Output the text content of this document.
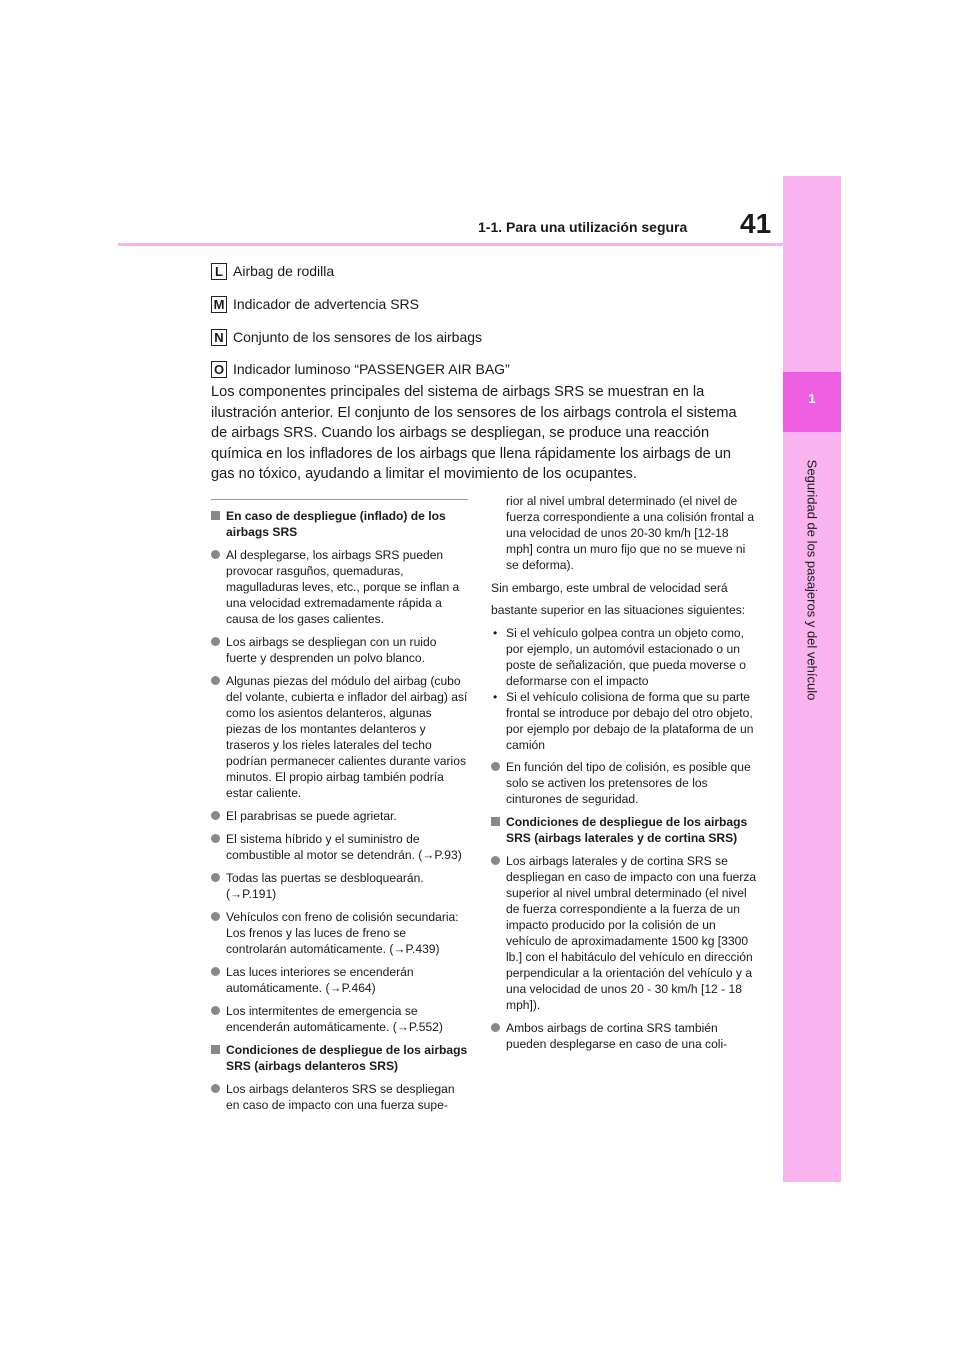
1
Seguridad de los pasajeros y del vehículo
1-1. Para una utilización segura 41
L Airbag de rodilla
M Indicador de advertencia SRS
N Conjunto de los sensores de los airbags
O Indicador luminoso “PASSENGER AIR BAG”

Los componentes principales del sistema de airbags SRS se muestran en la ilustración anterior. El conjunto de los sensores de los airbags controla el sistema de airbags SRS. Cuando los airbags se despliegan, se produce una reacción química en los infladores de los airbags que llena rápidamente los airbags de un gas no tóxico, ayudando a limitar el movimiento de los ocupantes.

En caso de despliegue (inflado) de los airbags SRS
Al desplegarse, los airbags SRS pueden provocar rasguños, quemaduras, magulladuras leves, etc., porque se inflan a una velocidad extremadamente rápida a causa de los gases calientes.
Los airbags se despliegan con un ruido fuerte y desprenden un polvo blanco.
Algunas piezas del módulo del airbag (cubo del volante, cubierta e inflador del airbag) así como los asientos delanteros, algunas piezas de los montantes delanteros y traseros y los rieles laterales del techo podrían permanecer calientes durante varios minutos. El propio airbag también podría estar caliente.
El parabrisas se puede agrietar.
El sistema híbrido y el suministro de combustible al motor se detendrán. (→P.93)
Todas las puertas se desbloquearán. (→P.191)
Vehículos con freno de colisión secundaria: Los frenos y las luces de freno se controlarán automáticamente. (→P.439)
Las luces interiores se encenderán automáticamente. (→P.464)
Los intermitentes de emergencia se encenderán automáticamente. (→P.552)
Condiciones de despliegue de los airbags SRS (airbags delanteros SRS)
Los airbags delanteros SRS se despliegan en caso de impacto con una fuerza supe-
rior al nivel umbral determinado (el nivel de fuerza correspondiente a una colisión frontal a una velocidad de unos 20-30 km/h [12-18 mph] contra un muro fijo que no se mueve ni se deforma).
Sin embargo, este umbral de velocidad será bastante superior en las situaciones siguientes:
• Si el vehículo golpea contra un objeto como, por ejemplo, un automóvil estacionado o un poste de señalización, que pueda moverse o deformarse con el impacto
• Si el vehículo colisiona de forma que su parte frontal se introduce por debajo del otro objeto, por ejemplo por debajo de la plataforma de un camión
En función del tipo de colisión, es posible que solo se activen los pretensores de los cinturones de seguridad.
Condiciones de despliegue de los airbags SRS (airbags laterales y de cortina SRS)
Los airbags laterales y de cortina SRS se despliegan en caso de impacto con una fuerza superior al nivel umbral determinado (el nivel de fuerza correspondiente a la fuerza de un impacto producido por la colisión de un vehículo de aproximadamente 1500 kg [3300 lb.] con el habitáculo del vehículo en dirección perpendicular a la orientación del vehículo y a una velocidad de unos 20 - 30 km/h [12 - 18 mph]).
Ambos airbags de cortina SRS también pueden desplegarse en caso de una coli-
